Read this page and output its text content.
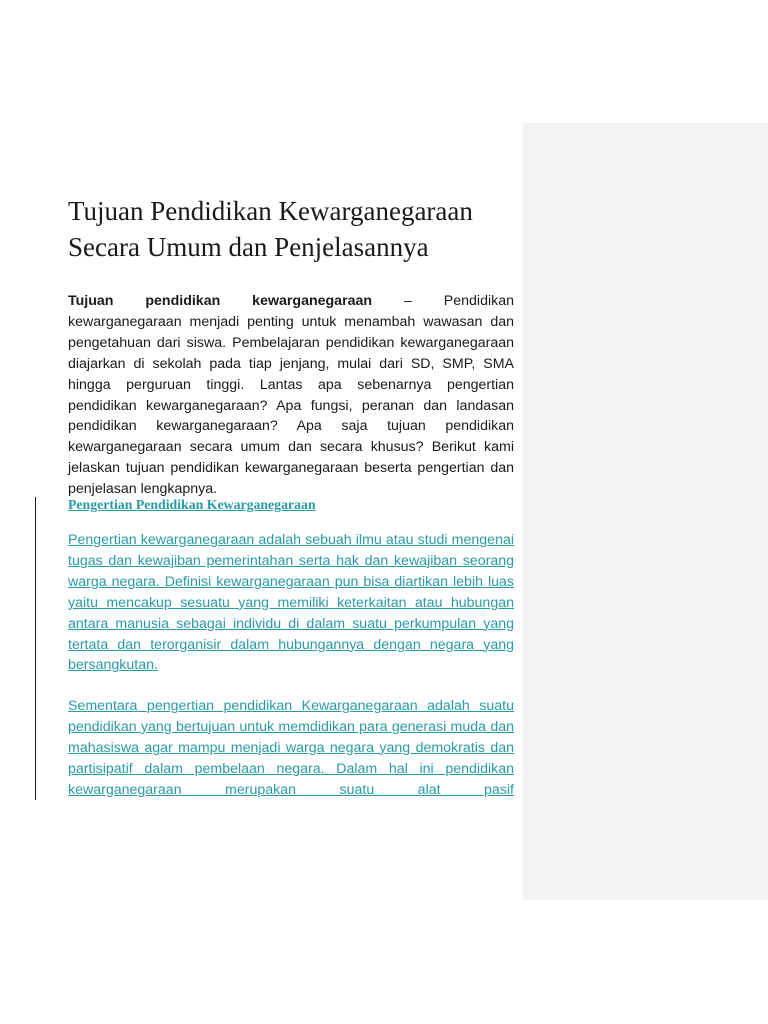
Tujuan Pendidikan Kewarganegaraan Secara Umum dan Penjelasannya

Tujuan pendidikan kewarganegaraan – Pendidikan kewarganegaraan menjadi penting untuk menambah wawasan dan pengetahuan dari siswa. Pembelajaran pendidikan kewarganegaraan diajarkan di sekolah pada tiap jenjang, mulai dari SD, SMP, SMA hingga perguruan tinggi. Lantas apa sebenarnya pengertian pendidikan kewarganegaraan? Apa fungsi, peranan dan landasan pendidikan kewarganegaraan? Apa saja tujuan pendidikan kewarganegaraan secara umum dan secara khusus? Berikut kami jelaskan tujuan pendidikan kewarganegaraan beserta pengertian dan penjelasan lengkapnya.

Pengertian Pendidikan Kewarganegaraan

Pengertian kewarganegaraan adalah sebuah ilmu atau studi mengenai tugas dan kewajiban pemerintahan serta hak dan kewajiban seorang warga negara. Definisi kewarganegaraan pun bisa diartikan lebih luas yaitu mencakup sesuatu yang memiliki keterkaitan atau hubungan antara manusia sebagai individu di dalam suatu perkumpulan yang tertata dan terorganisir dalam hubungannya dengan negara yang bersangkutan.

Sementara pengertian pendidikan Kewarganegaraan adalah suatu pendidikan yang bertujuan untuk memdidikan para generasi muda dan mahasiswa agar mampu menjadi warga negara yang demokratis dan partisipatif dalam pembelaan negara. Dalam hal ini pendidikan kewarganegaraan merupakan suatu alat pasif
